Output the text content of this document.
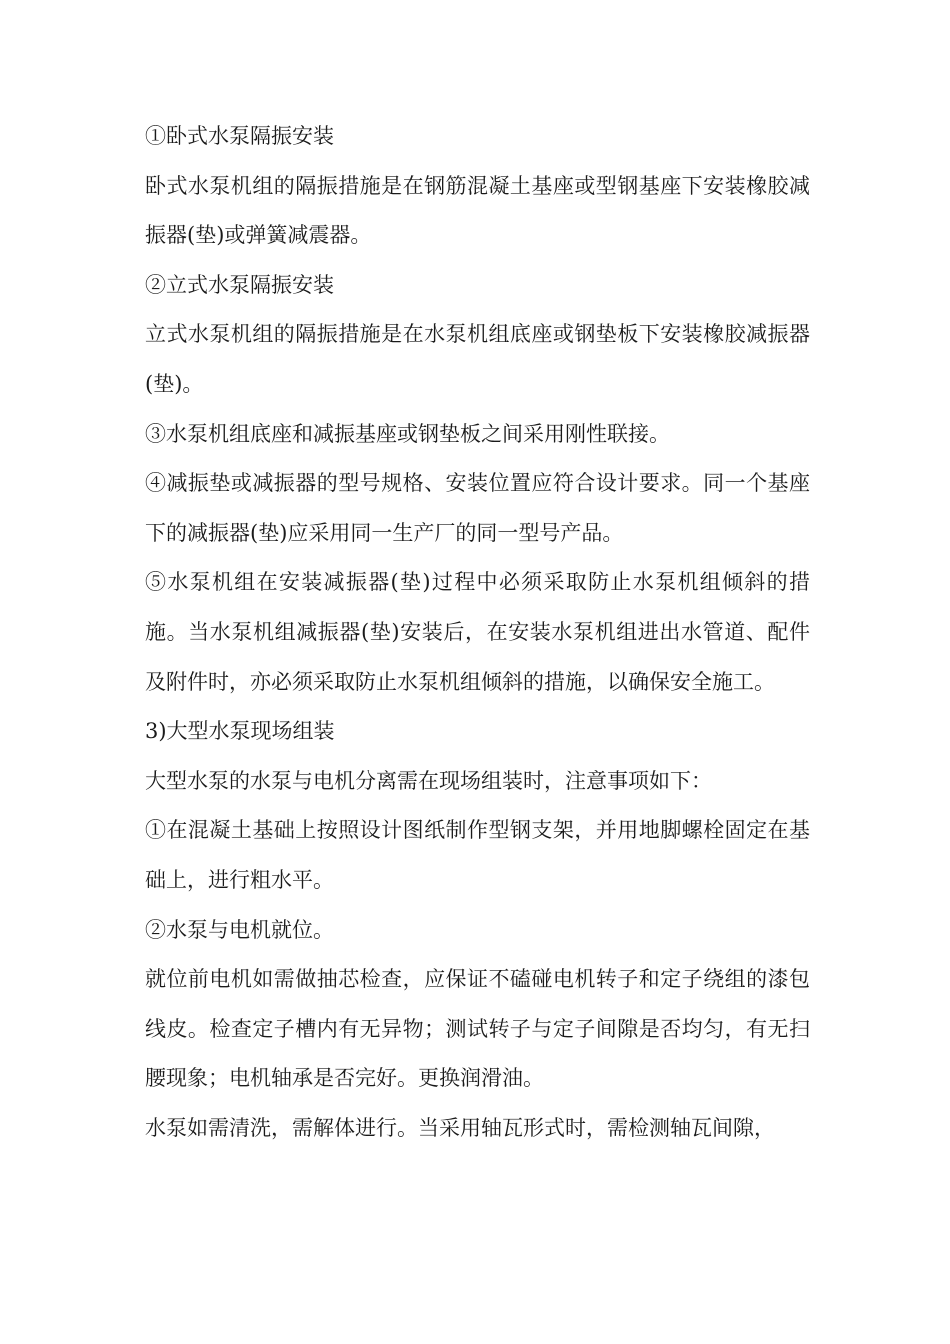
①卧式水泵隔振安装

卧式水泵机组的隔振措施是在钢筋混凝土基座或型钢基座下安装橡胶减振器(垫)或弹簧减震器。

②立式水泵隔振安装

立式水泵机组的隔振措施是在水泵机组底座或钢垫板下安装橡胶减振器(垫)。

③水泵机组底座和减振基座或钢垫板之间采用刚性联接。

④减振垫或减振器的型号规格、安装位置应符合设计要求。同一个基座下的减振器(垫)应采用同一生产厂的同一型号产品。

⑤水泵机组在安装减振器(垫)过程中必须采取防止水泵机组倾斜的措施。当水泵机组减振器(垫)安装后，在安装水泵机组进出水管道、配件及附件时，亦必须采取防止水泵机组倾斜的措施，以确保安全施工。

3)大型水泵现场组装

大型水泵的水泵与电机分离需在现场组装时，注意事项如下：

①在混凝土基础上按照设计图纸制作型钢支架，并用地脚螺栓固定在基础上，进行粗水平。

②水泵与电机就位。

就位前电机如需做抽芯检查，应保证不磕碰电机转子和定子绕组的漆包线皮。检查定子槽内有无异物；测试转子与定子间隙是否均匀，有无扫腰现象；电机轴承是否完好。更换润滑油。

水泵如需清洗，需解体进行。当采用轴瓦形式时，需检测轴瓦间隙，
